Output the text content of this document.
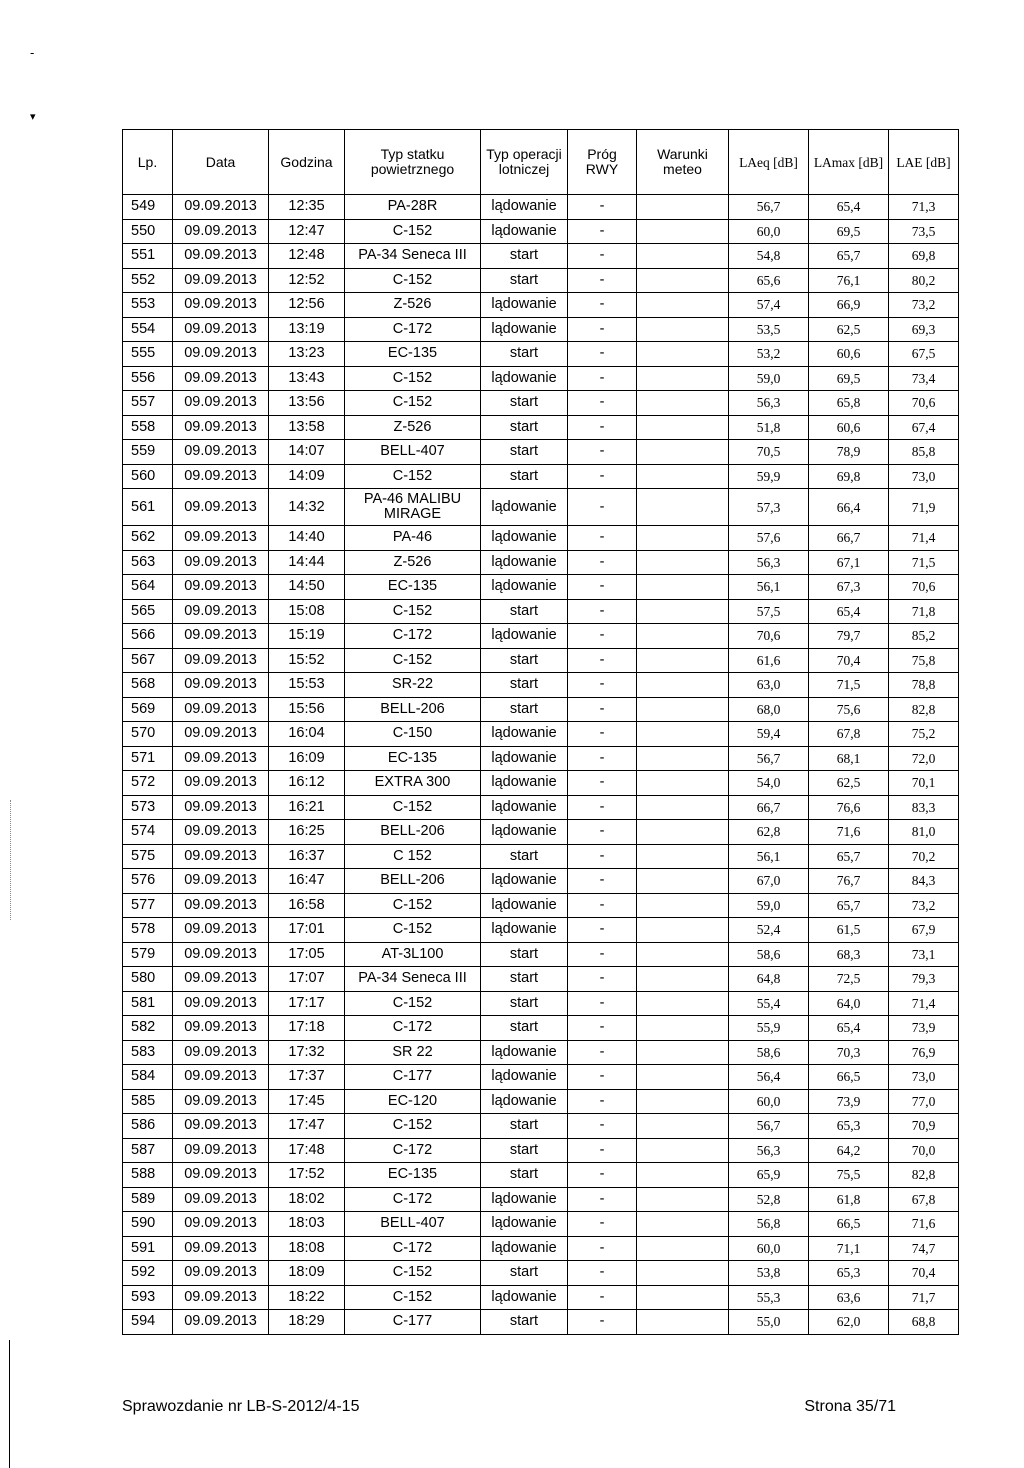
-
▾
Lp.	Data	Godzina	Typ statku powietrznego	Typ operacji lotniczej	Próg RWY	Warunki meteo	LAeq [dB]	LAmax [dB]	LAE [dB]
549	09.09.2013	12:35	PA-28R	lądowanie	-		56,7	65,4	71,3
550	09.09.2013	12:47	C-152	lądowanie	-		60,0	69,5	73,5
551	09.09.2013	12:48	PA-34 Seneca III	start	-		54,8	65,7	69,8
552	09.09.2013	12:52	C-152	start	-		65,6	76,1	80,2
553	09.09.2013	12:56	Z-526	lądowanie	-		57,4	66,9	73,2
554	09.09.2013	13:19	C-172	lądowanie	-		53,5	62,5	69,3
555	09.09.2013	13:23	EC-135	start	-		53,2	60,6	67,5
556	09.09.2013	13:43	C-152	lądowanie	-		59,0	69,5	73,4
557	09.09.2013	13:56	C-152	start	-		56,3	65,8	70,6
558	09.09.2013	13:58	Z-526	start	-		51,8	60,6	67,4
559	09.09.2013	14:07	BELL-407	start	-		70,5	78,9	85,8
560	09.09.2013	14:09	C-152	start	-		59,9	69,8	73,0
561	09.09.2013	14:32	PA-46 MALIBU MIRAGE	lądowanie	-		57,3	66,4	71,9
562	09.09.2013	14:40	PA-46	lądowanie	-		57,6	66,7	71,4
563	09.09.2013	14:44	Z-526	lądowanie	-		56,3	67,1	71,5
564	09.09.2013	14:50	EC-135	lądowanie	-		56,1	67,3	70,6
565	09.09.2013	15:08	C-152	start	-		57,5	65,4	71,8
566	09.09.2013	15:19	C-172	lądowanie	-		70,6	79,7	85,2
567	09.09.2013	15:52	C-152	start	-		61,6	70,4	75,8
568	09.09.2013	15:53	SR-22	start	-		63,0	71,5	78,8
569	09.09.2013	15:56	BELL-206	start	-		68,0	75,6	82,8
570	09.09.2013	16:04	C-150	lądowanie	-		59,4	67,8	75,2
571	09.09.2013	16:09	EC-135	lądowanie	-		56,7	68,1	72,0
572	09.09.2013	16:12	EXTRA 300	lądowanie	-		54,0	62,5	70,1
573	09.09.2013	16:21	C-152	lądowanie	-		66,7	76,6	83,3
574	09.09.2013	16:25	BELL-206	lądowanie	-		62,8	71,6	81,0
575	09.09.2013	16:37	C 152	start	-		56,1	65,7	70,2
576	09.09.2013	16:47	BELL-206	lądowanie	-		67,0	76,7	84,3
577	09.09.2013	16:58	C-152	lądowanie	-		59,0	65,7	73,2
578	09.09.2013	17:01	C-152	lądowanie	-		52,4	61,5	67,9
579	09.09.2013	17:05	AT-3L100	start	-		58,6	68,3	73,1
580	09.09.2013	17:07	PA-34 Seneca III	start	-		64,8	72,5	79,3
581	09.09.2013	17:17	C-152	start	-		55,4	64,0	71,4
582	09.09.2013	17:18	C-172	start	-		55,9	65,4	73,9
583	09.09.2013	17:32	SR 22	lądowanie	-		58,6	70,3	76,9
584	09.09.2013	17:37	C-177	lądowanie	-		56,4	66,5	73,0
585	09.09.2013	17:45	EC-120	lądowanie	-		60,0	73,9	77,0
586	09.09.2013	17:47	C-152	start	-		56,7	65,3	70,9
587	09.09.2013	17:48	C-172	start	-		56,3	64,2	70,0
588	09.09.2013	17:52	EC-135	start	-		65,9	75,5	82,8
589	09.09.2013	18:02	C-172	lądowanie	-		52,8	61,8	67,8
590	09.09.2013	18:03	BELL-407	lądowanie	-		56,8	66,5	71,6
591	09.09.2013	18:08	C-172	lądowanie	-		60,0	71,1	74,7
592	09.09.2013	18:09	C-152	start	-		53,8	65,3	70,4
593	09.09.2013	18:22	C-152	lądowanie	-		55,3	63,6	71,7
594	09.09.2013	18:29	C-177	start	-		55,0	62,0	68,8
Sprawozdanie nr LB-S-2012/4-15	Strona 35/71
